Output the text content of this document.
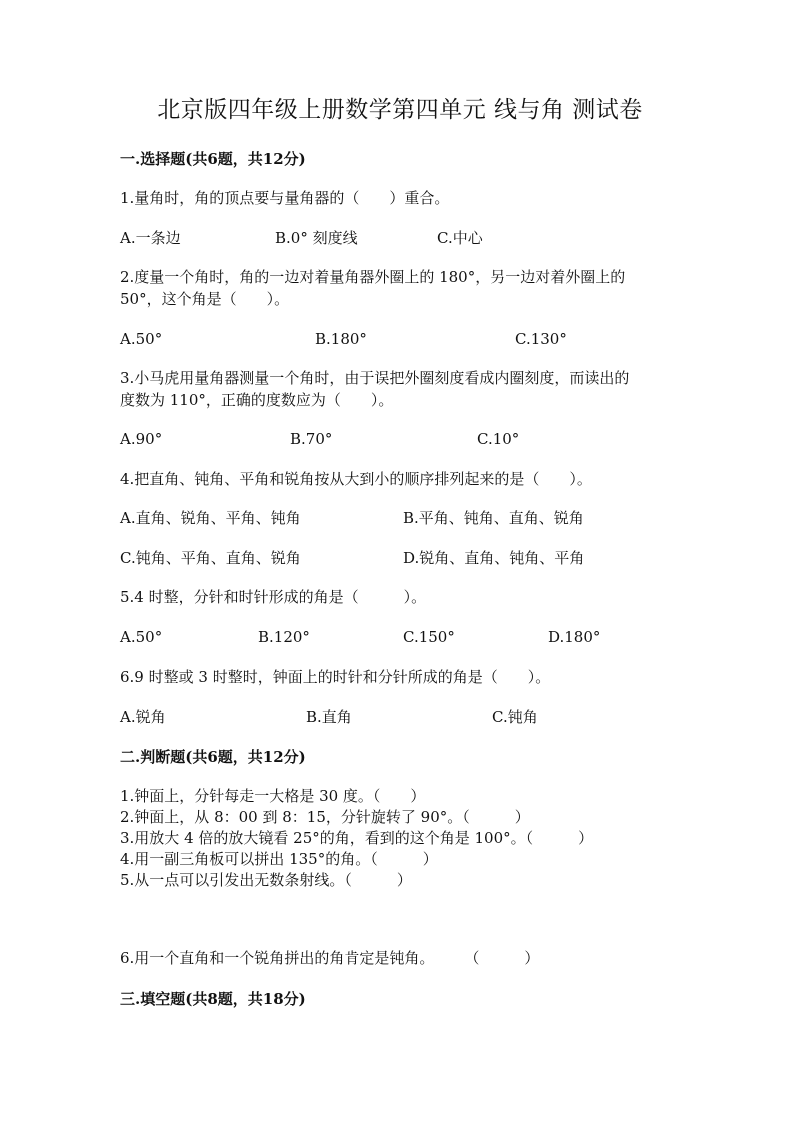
北京版四年级上册数学第四单元 线与角 测试卷
一.选择题(共6题，共12分)
1.量角时，角的顶点要与量角器的（　　）重合。
A.一条边	B.0° 刻度线	C.中心
2.度量一个角时，角的一边对着量角器外圈上的 180°，另一边对着外圈上的
50°，这个角是（　　）。
A.50°	B.180°	C.130°
3.小马虎用量角器测量一个角时，由于误把外圈刻度看成内圈刻度，而读出的
度数为 110°，正确的度数应为（　　）。
A.90°	B.70°	C.10°
4.把直角、钝角、平角和锐角按从大到小的顺序排列起来的是（　　）。
A.直角、锐角、平角、钝角	B.平角、钝角、直角、锐角
C.钝角、平角、直角、锐角	D.锐角、直角、钝角、平角
5.4 时整，分针和时针形成的角是（　　　）。
A.50°	B.120°	C.150°	D.180°
6.9 时整或 3 时整时，钟面上的时针和分针所成的角是（　　）。
A.锐角	B.直角	C.钝角
二.判断题(共6题，共12分)
1.钟面上，分针每走一大格是 30 度。（　　）
2.钟面上，从 8：00 到 8：15，分针旋转了 90°。（　　　）
3.用放大 4 倍的放大镜看 25°的角，看到的这个角是 100°。（　　　）
4.用一副三角板可以拼出 135°的角。（　　　）
5.从一点可以引发出无数条射线。（　　　）
6.用一个直角和一个锐角拼出的角肯定是钝角。　　　（　　　）
三.填空题(共8题，共18分)
